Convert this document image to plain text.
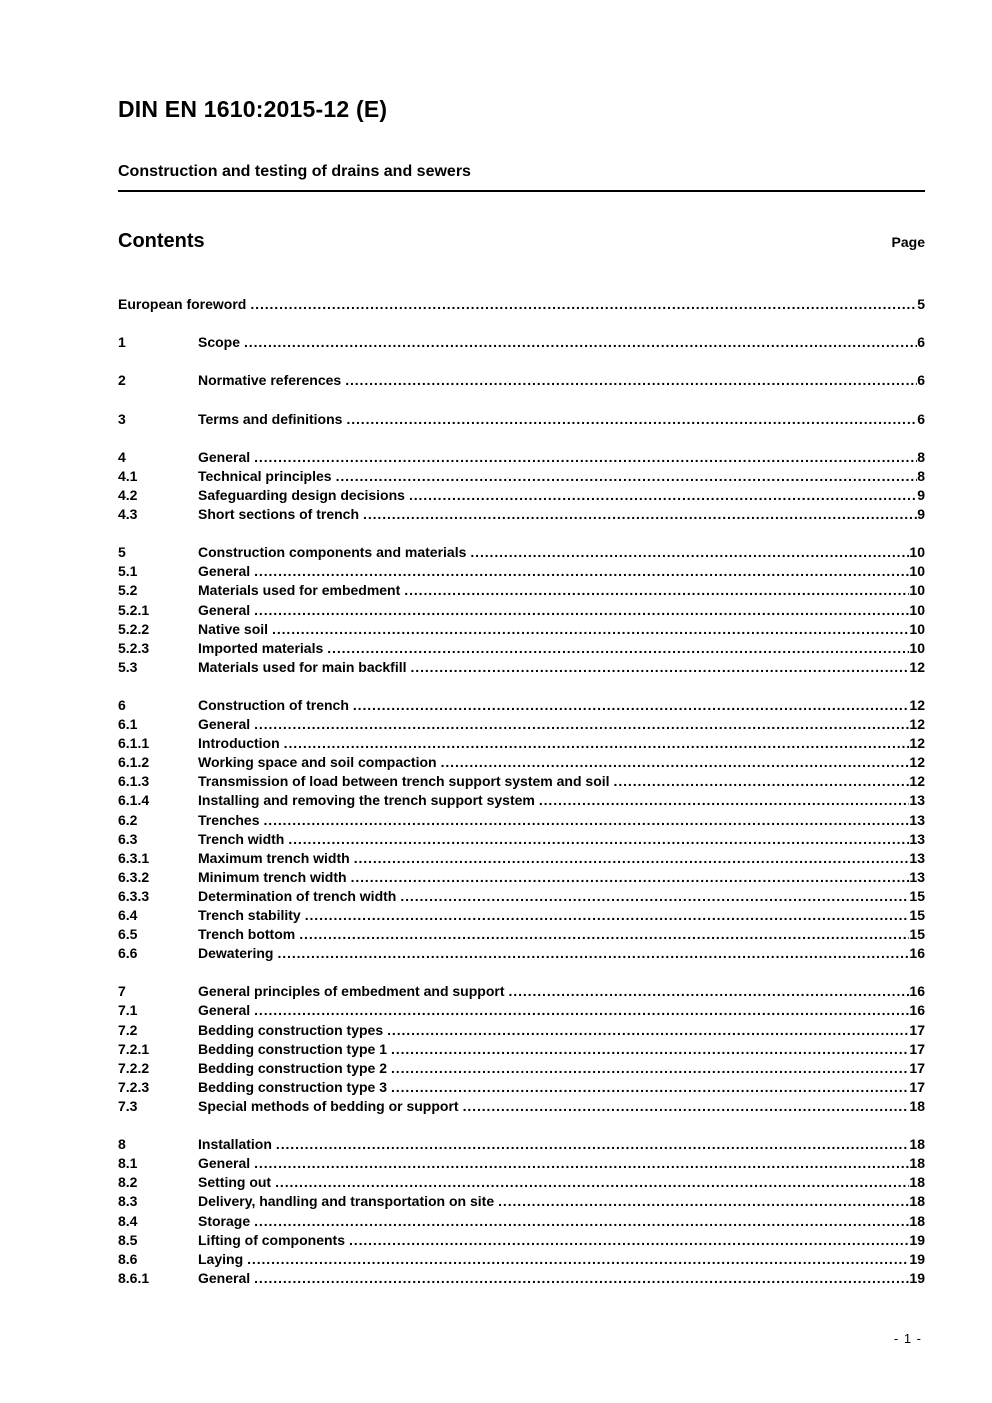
DIN EN 1610:2015-12 (E)
Construction and testing of drains and sewers
Contents	Page
European foreword .....	5
1	Scope .....	6
2	Normative references .....	6
3	Terms and definitions .....	6
4	General .....	8
4.1	Technical principles .....	8
4.2	Safeguarding design decisions .....	9
4.3	Short sections of trench .....	9
5	Construction components and materials .....	10
5.1	General .....	10
5.2	Materials used for embedment .....	10
5.2.1	General .....	10
5.2.2	Native soil .....	10
5.2.3	Imported materials .....	10
5.3	Materials used for main backfill .....	12
6	Construction of trench .....	12
6.1	General .....	12
6.1.1	Introduction .....	12
6.1.2	Working space and soil compaction .....	12
6.1.3	Transmission of load between trench support system and soil .....	12
6.1.4	Installing and removing the trench support system .....	13
6.2	Trenches .....	13
6.3	Trench width .....	13
6.3.1	Maximum trench width .....	13
6.3.2	Minimum trench width .....	13
6.3.3	Determination of trench width .....	15
6.4	Trench stability .....	15
6.5	Trench bottom .....	15
6.6	Dewatering .....	16
7	General principles of embedment and support .....	16
7.1	General .....	16
7.2	Bedding construction types .....	17
7.2.1	Bedding construction type 1 .....	17
7.2.2	Bedding construction type 2 .....	17
7.2.3	Bedding construction type 3 .....	17
7.3	Special methods of bedding or support .....	18
8	Installation .....	18
8.1	General .....	18
8.2	Setting out .....	18
8.3	Delivery, handling and transportation on site .....	18
8.4	Storage .....	18
8.5	Lifting of components .....	19
8.6	Laying .....	19
8.6.1	General .....	19
- 1 -
